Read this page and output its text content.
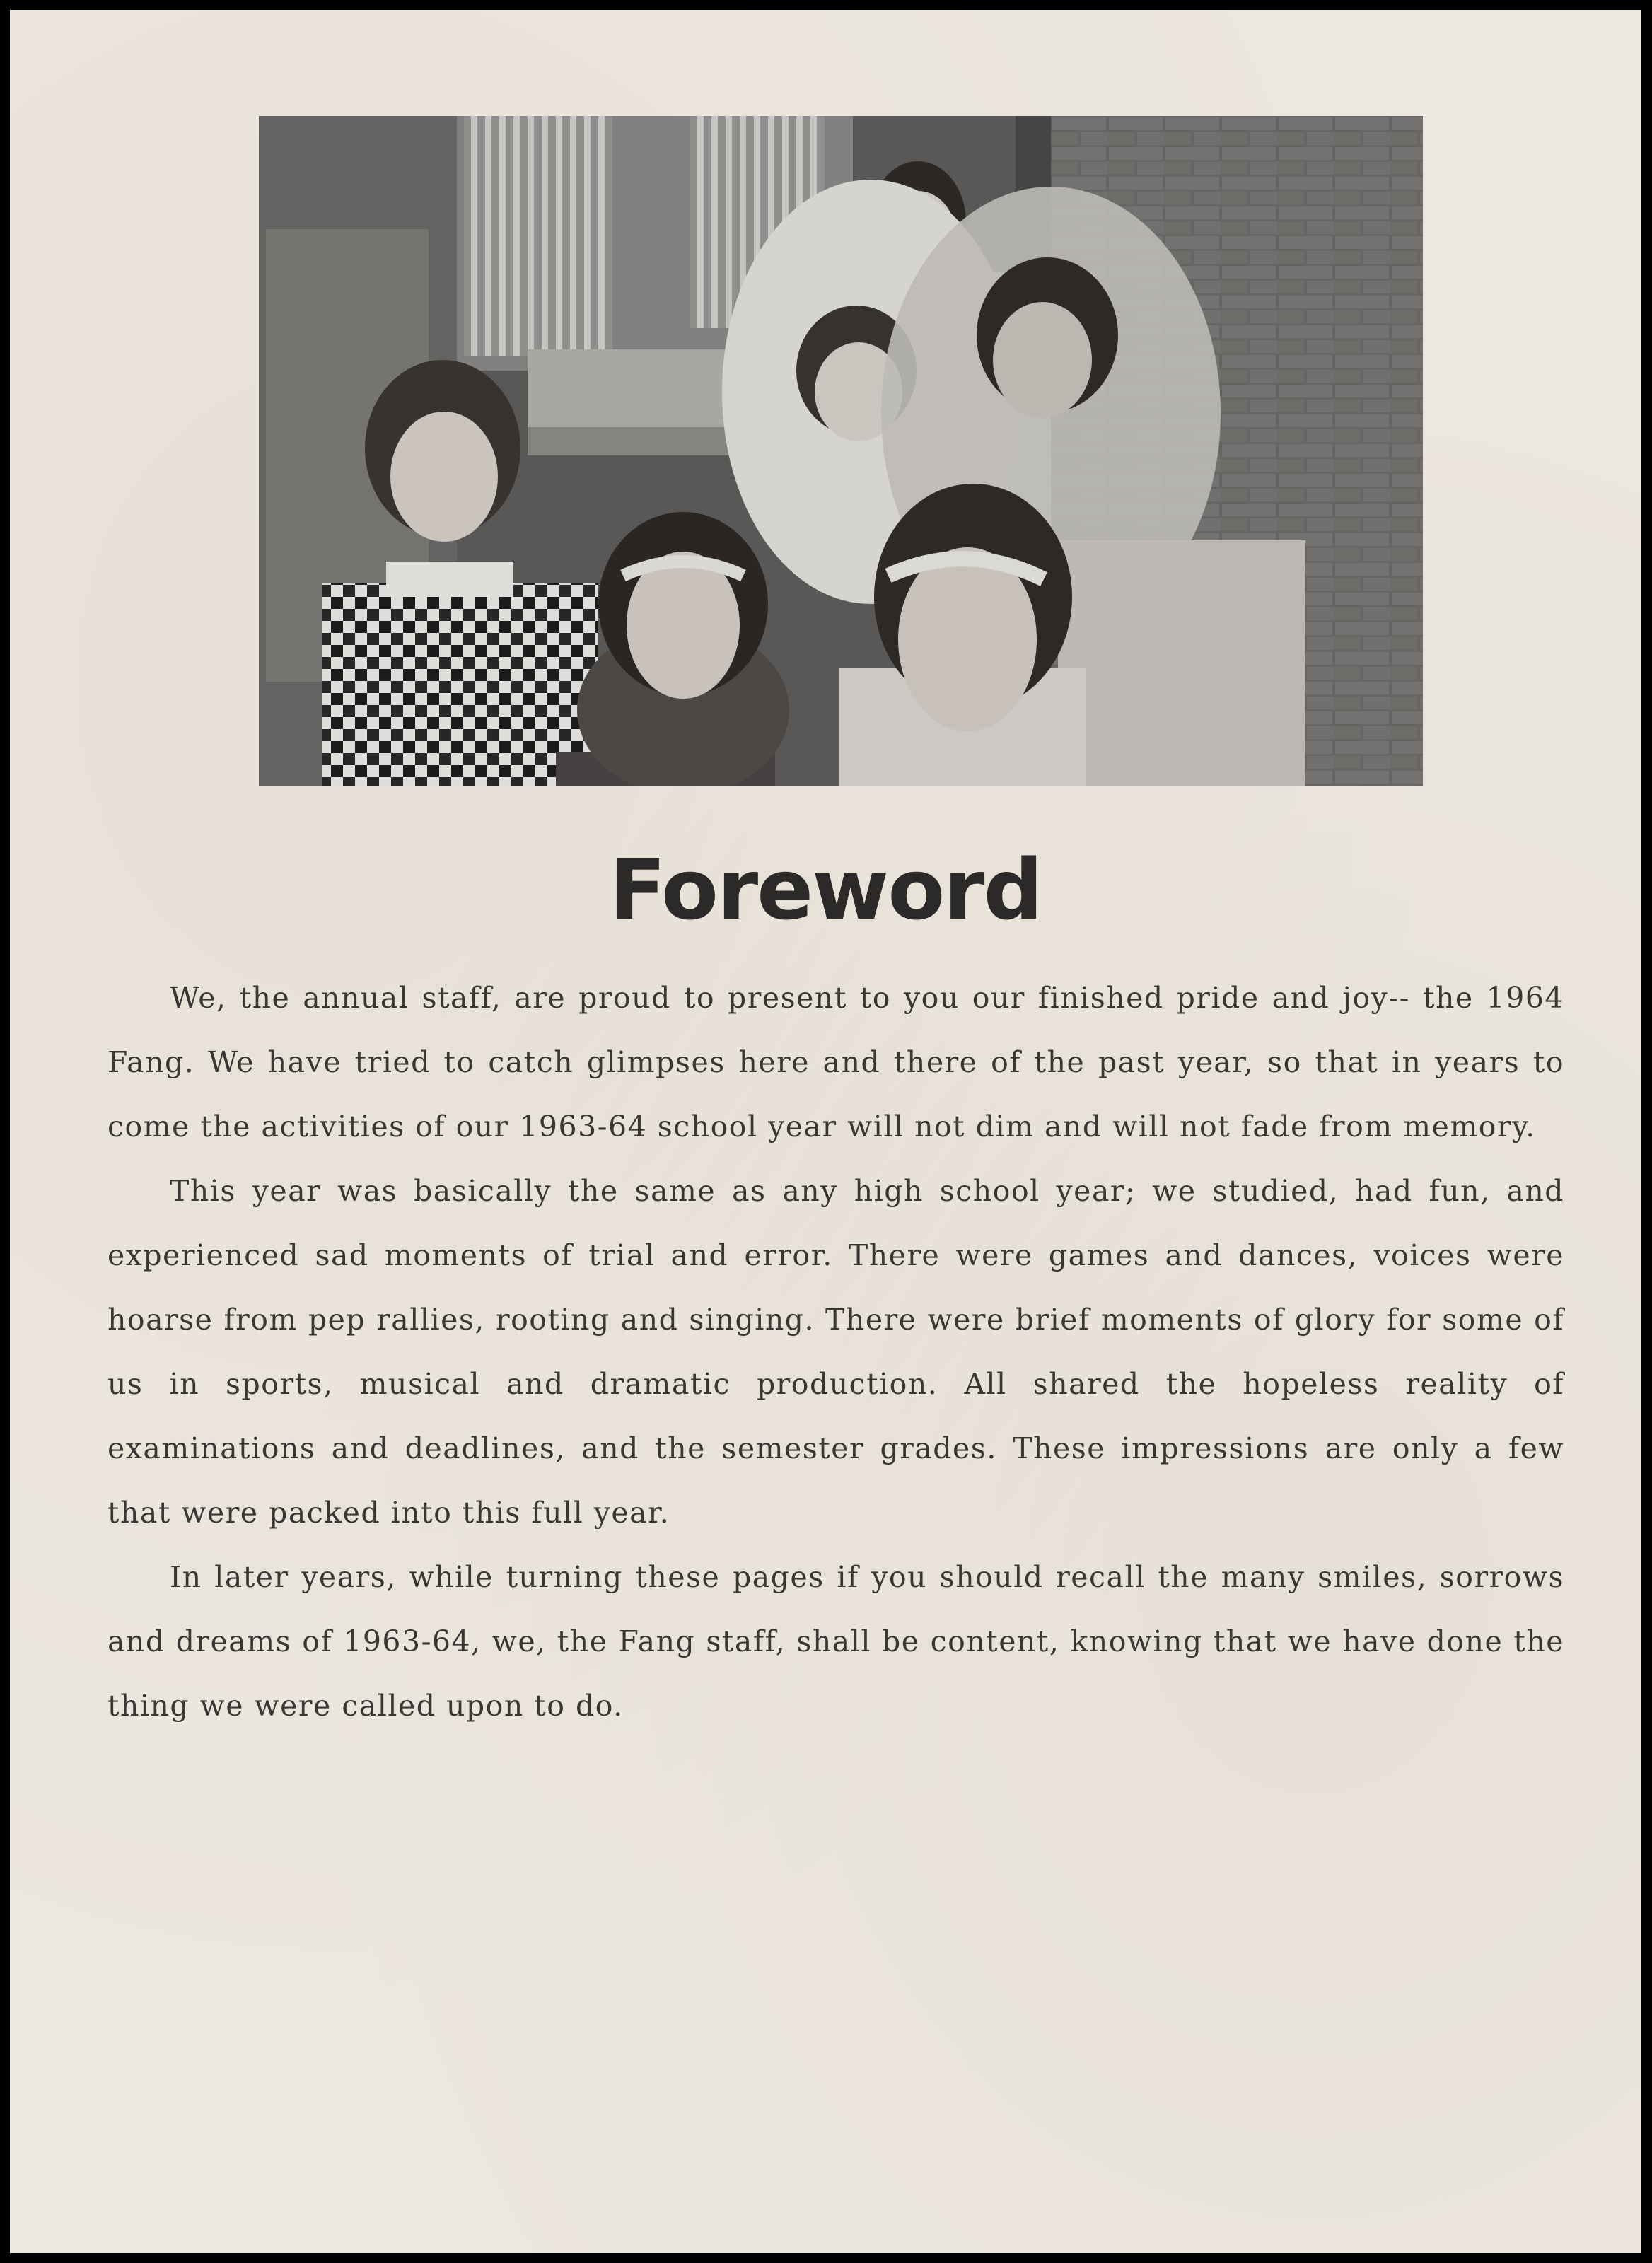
Foreword

We, the annual staff, are proud to present to you our finished pride and joy-- the 1964 Fang. We have tried to catch glimpses here and there of the past year, so that in years to come the activities of our 1963-64 school year will not dim and will not fade from memory.

This year was basically the same as any high school year; we studied, had fun, and experienced sad moments of trial and error. There were games and dances, voices were hoarse from pep rallies, rooting and singing. There were brief moments of glory for some of us in sports, musical and dramatic production. All shared the hopeless reality of examinations and deadlines, and the semester grades. These impressions are only a few that were packed into this full year.

In later years, while turning these pages if you should recall the many smiles, sorrows and dreams of 1963-64, we, the Fang staff, shall be content, knowing that we have done the thing we were called upon to do.
